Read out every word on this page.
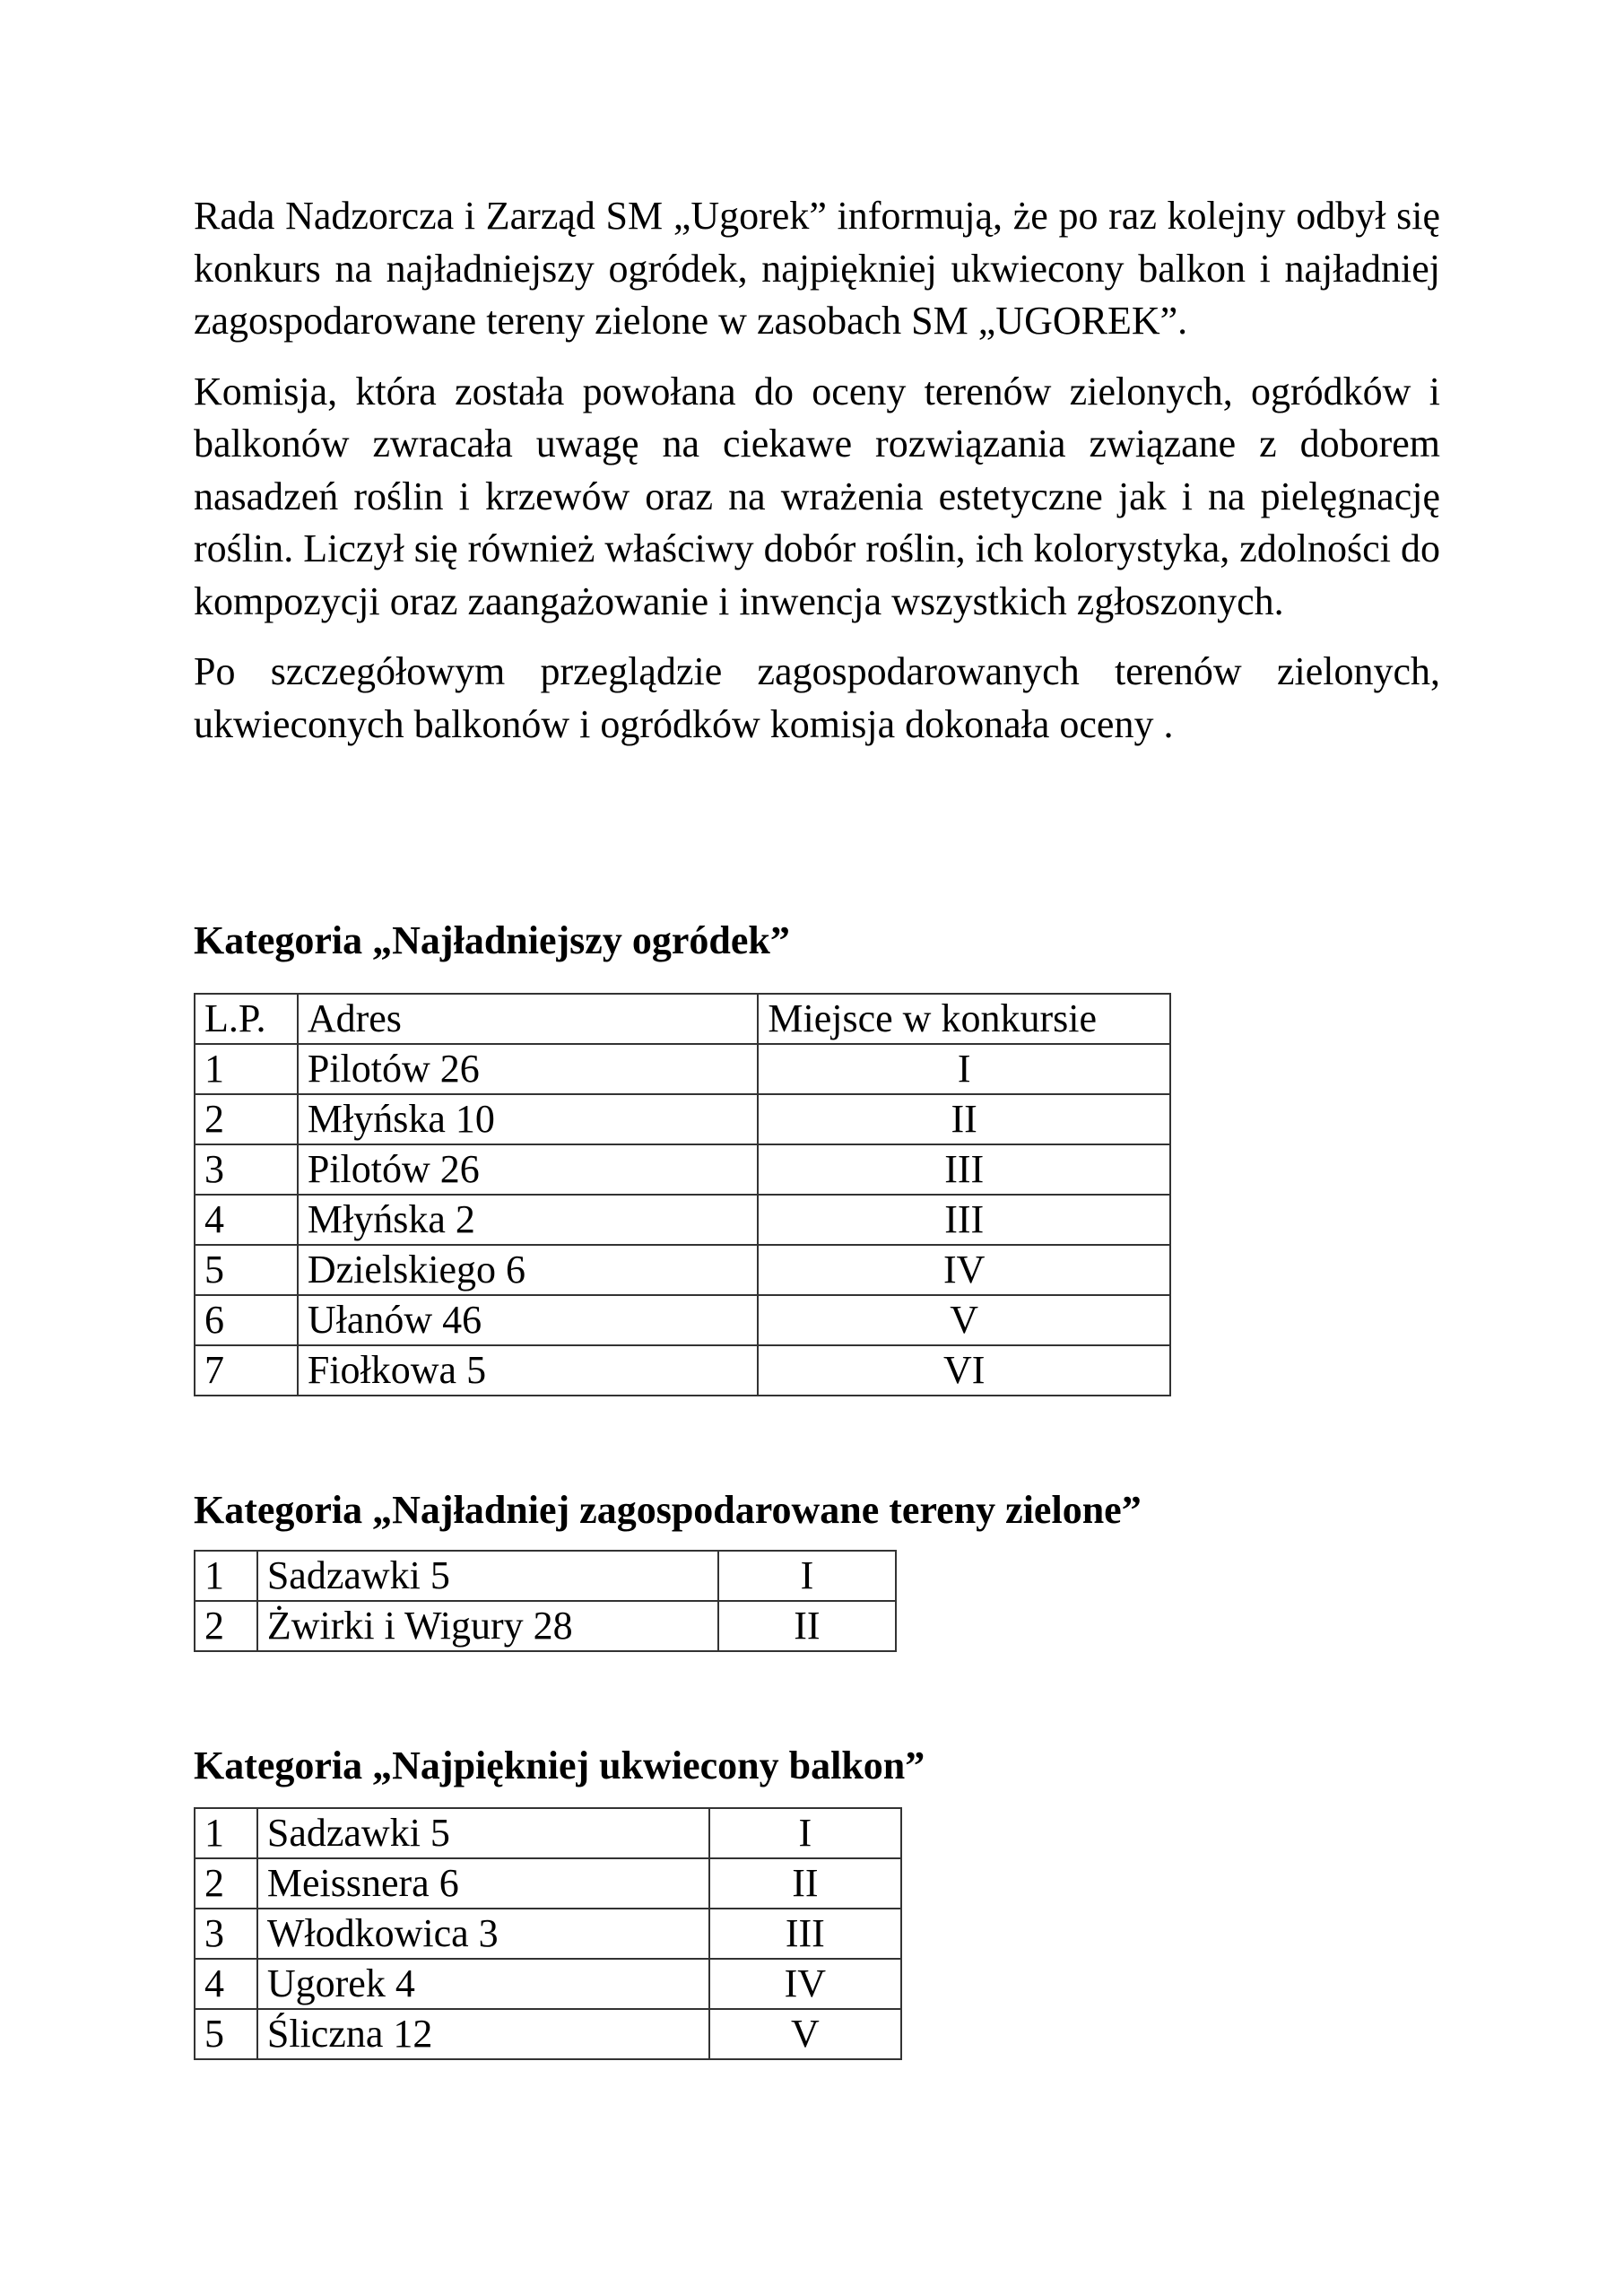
Rada Nadzorcza i Zarząd SM „Ugorek” informują, że po raz kolejny odbył się konkurs na najładniejszy ogródek, najpiękniej ukwiecony balkon i najładniej zagospodarowane tereny zielone w zasobach SM „UGOREK”.

Komisja, która została powołana do oceny terenów zielonych, ogródków i balkonów zwracała uwagę na ciekawe rozwiązania związane z doborem nasadzeń roślin i krzewów oraz na wrażenia estetyczne jak i na pielęgnację roślin. Liczył się również właściwy dobór roślin, ich kolorystyka, zdolności do kompozycji oraz zaangażowanie i inwencja wszystkich zgłoszonych.

Po szczegółowym przeglądzie zagospodarowanych terenów zielonych, ukwieconych balkonów i ogródków komisja dokonała oceny .

Kategoria „Najładniejszy ogródek”
L.P.	Adres	Miejsce w konkursie
1	Pilotów 26	I
2	Młyńska 10	II
3	Pilotów 26	III
4	Młyńska 2	III
5	Dzielskiego 6	IV
6	Ułanów 46	V
7	Fiołkowa 5	VI
Kategoria „Najładniej zagospodarowane tereny zielone”
1	Sadzawki 5	I
2	Żwirki i Wigury 28	II
Kategoria „Najpiękniej ukwiecony balkon”
1	Sadzawki 5	I
2	Meissnera 6	II
3	Włodkowica 3	III
4	Ugorek 4	IV
5	Śliczna 12	V
